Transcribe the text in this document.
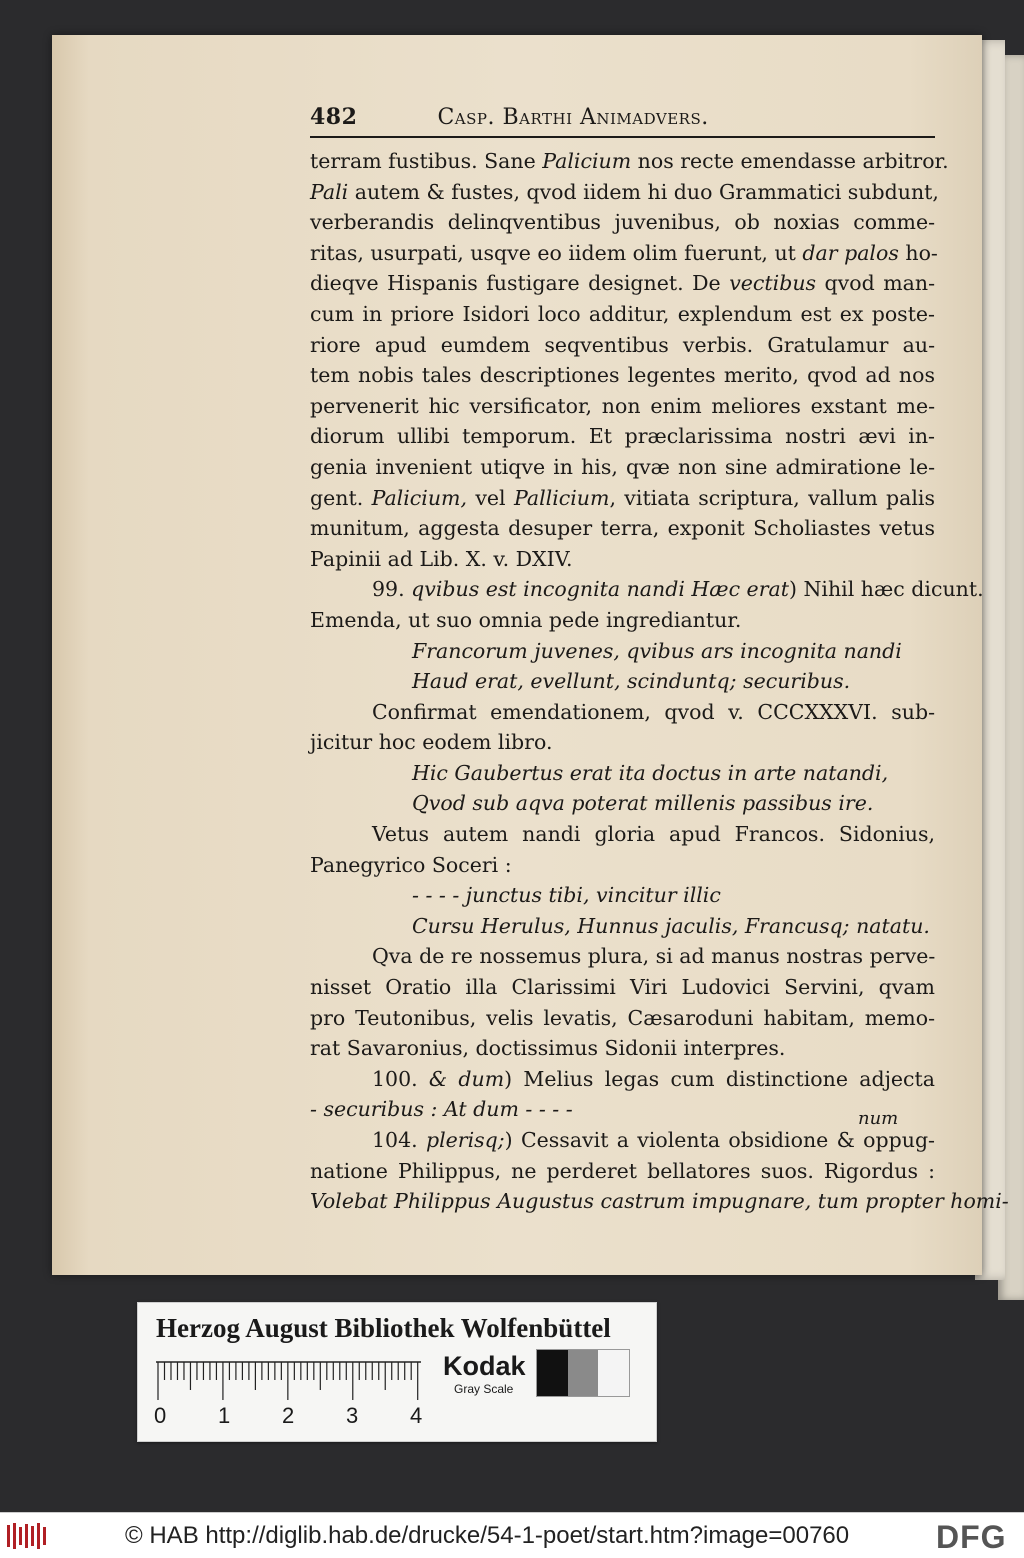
482	Casp. Barthi Animadvers.
terram fustibus. Sane Palicium nos recte emendasse arbitror.
Pali autem & fustes, qvod iidem hi duo Grammatici subdunt,
verberandis delinqventibus juvenibus, ob noxias comme-
ritas, usurpati, usqve eo iidem olim fuerunt, ut dar palos ho-
dieqve Hispanis fustigare designet. De vectibus qvod man-
cum in priore Isidori loco additur, explendum est ex poste-
riore apud eumdem seqventibus verbis. Gratulamur au-
tem nobis tales descriptiones legentes merito, qvod ad nos
pervenerit hic versificator, non enim meliores exstant me-
diorum ullibi temporum. Et præclarissima nostri ævi in-
genia invenient utiqve in his, qvæ non sine admiratione le-
gent. Palicium, vel Pallicium, vitiata scriptura, vallum palis
munitum, aggesta desuper terra, exponit Scholiastes vetus
Papinii ad Lib. X. v. DXIV.
99. qvibus est incognita nandi Hæc erat) Nihil hæc dicunt.
Emenda, ut suo omnia pede ingrediantur.
Francorum juvenes, qvibus ars incognita nandi
Haud erat, evellunt, scinduntq; securibus.
Confirmat emendationem, qvod v. CCCXXXVI. sub-
jicitur hoc eodem libro.
Hic Gaubertus erat ita doctus in arte natandi,
Qvod sub aqva poterat millenis passibus ire.
Vetus autem nandi gloria apud Francos. Sidonius,
Panegyrico Soceri :
- - - - junctus tibi, vincitur illic
Cursu Herulus, Hunnus jaculis, Francusq; natatu.
Qva de re nossemus plura, si ad manus nostras perve-
nisset Oratio illa Clarissimi Viri Ludovici Servini, qvam
pro Teutonibus, velis levatis, Cæsaroduni habitam, memo-
rat Savaronius, doctissimus Sidonii interpres.
100. & dum) Melius legas cum distinctione adjecta
- securibus : At dum - - - -
104. plerisq;) Cessavit a violenta obsidione & oppug-
natione Philippus, ne perderet bellatores suos. Rigordus :
Volebat Philippus Augustus castrum impugnare, tum propter homi-
num
Herzog August Bibliothek Wolfenbüttel
0 1 2 3 4
Kodak
Gray Scale
© HAB http://diglib.hab.de/drucke/54-1-poet/start.htm?image=00760	DFG
